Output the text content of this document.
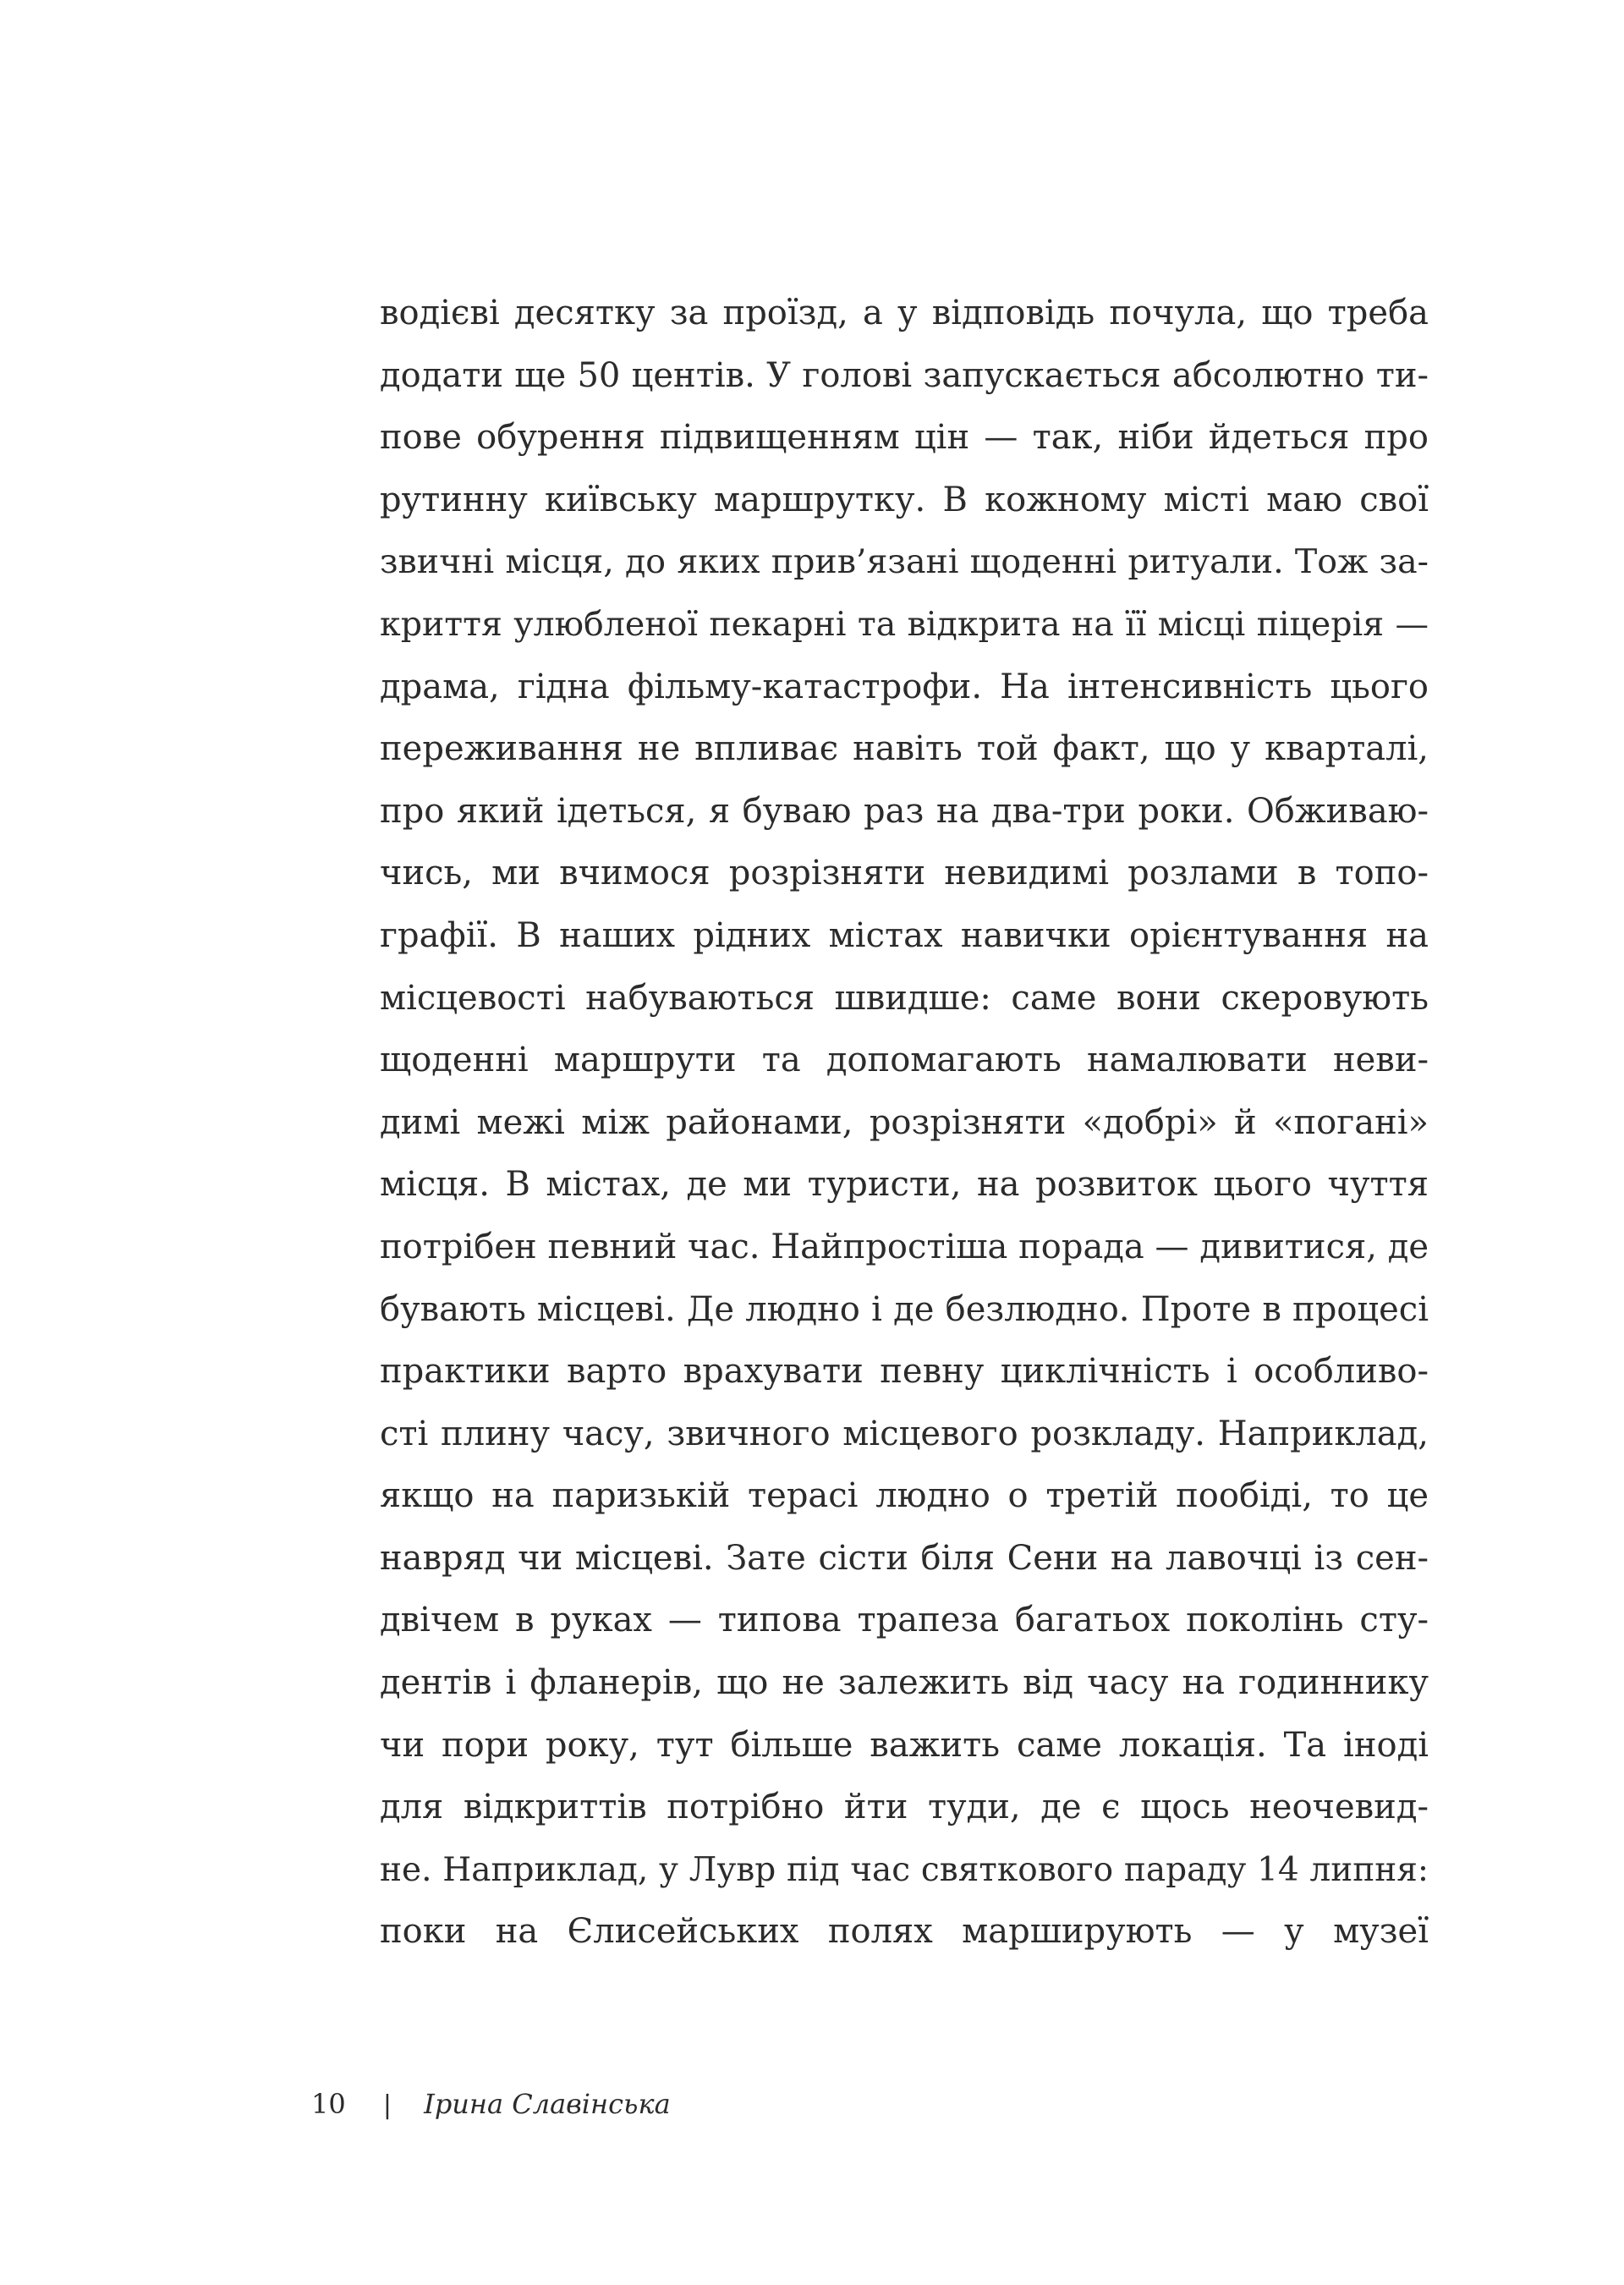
водієві десятку за проїзд, а у відповідь почула, що треба
додати ще 50 центів. У голові запускається абсолютно ти-
пове обурення підвищенням цін — так, ніби йдеться про
рутинну київську маршрутку. В кожному місті маю свої
звичні місця, до яких прив’язані щоденні ритуали. Тож за-
криття улюбленої пекарні та відкрита на її місці піцерія —
драма, гідна фільму-катастрофи. На інтенсивність цього
переживання не впливає навіть той факт, що у кварталі,
про який ідеться, я буваю раз на два-три роки. Обживаю-
чись, ми вчимося розрізняти невидимі розлами в топо-
графії. В наших рідних містах навички орієнтування на
місцевості набуваються швидше: саме вони скеровують
щоденні маршрути та допомагають намалювати неви-
димі межі між районами, розрізняти «добрі» й «погані»
місця. В містах, де ми туристи, на розвиток цього чуття
потрібен певний час. Найпростіша порада — дивитися, де
бувають місцеві. Де людно і де безлюдно. Проте в процесі
практики варто врахувати певну циклічність і особливо-
сті плину часу, звичного місцевого розкладу. Наприклад,
якщо на паризькій терасі людно о третій пообіді, то це
навряд чи місцеві. Зате сісти біля Сени на лавочці із сен-
двічем в руках — типова трапеза багатьох поколінь сту-
дентів і фланерів, що не залежить від часу на годиннику
чи пори року, тут більше важить саме локація. Та іноді
для відкриттів потрібно йти туди, де є щось неочевид-
не. Наприклад, у Лувр під час святкового параду 14 липня:
поки на Єлисейських полях марширують — у музеї
10 | Ірина Славінська
